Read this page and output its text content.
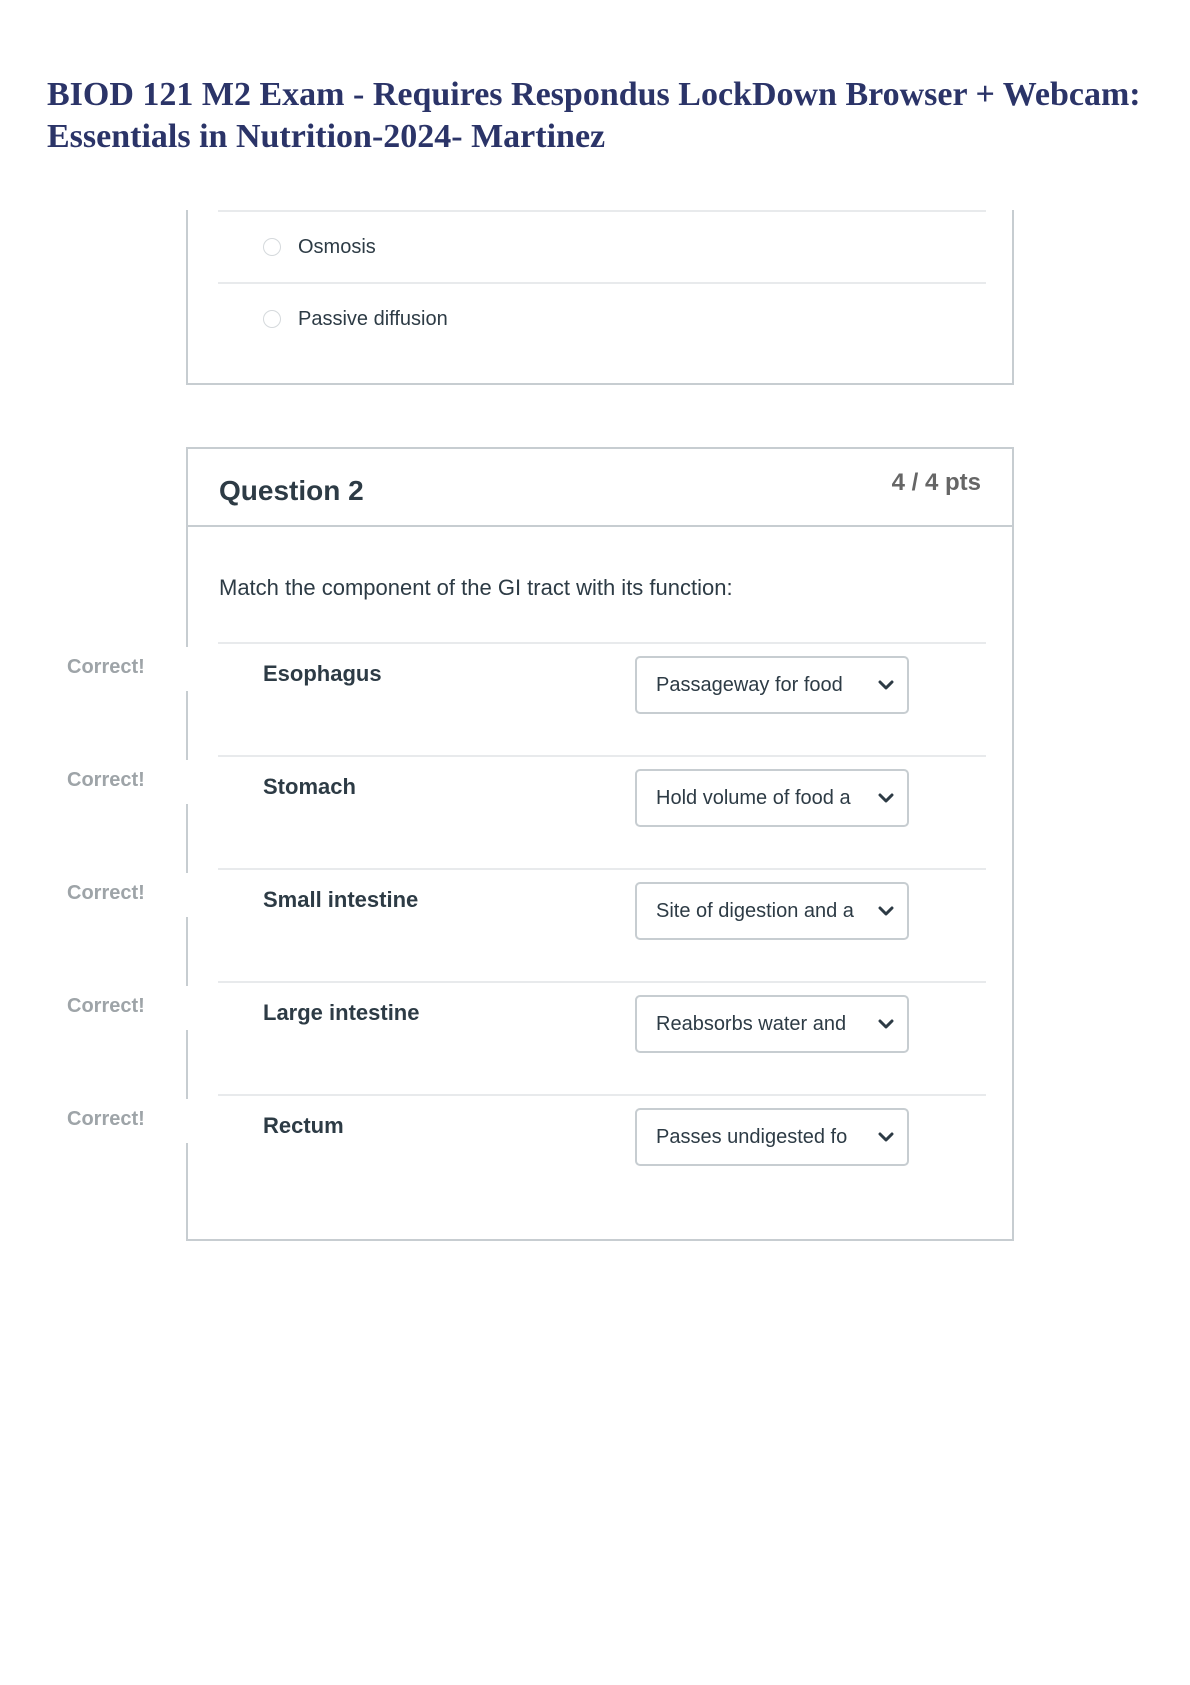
BIOD 121 M2 Exam - Requires Respondus LockDown Browser + Webcam: Essentials in Nutrition-2024- Martinez
Osmosis
Passive diffusion
Question 2	4 / 4 pts
Match the component of the GI tract with its function:
Esophagus	Passageway for food
Stomach	Hold volume of food a
Small intestine	Site of digestion and a
Large intestine	Reabsorbs water and
Rectum	Passes undigested fo
Correct!
Correct!
Correct!
Correct!
Correct!
